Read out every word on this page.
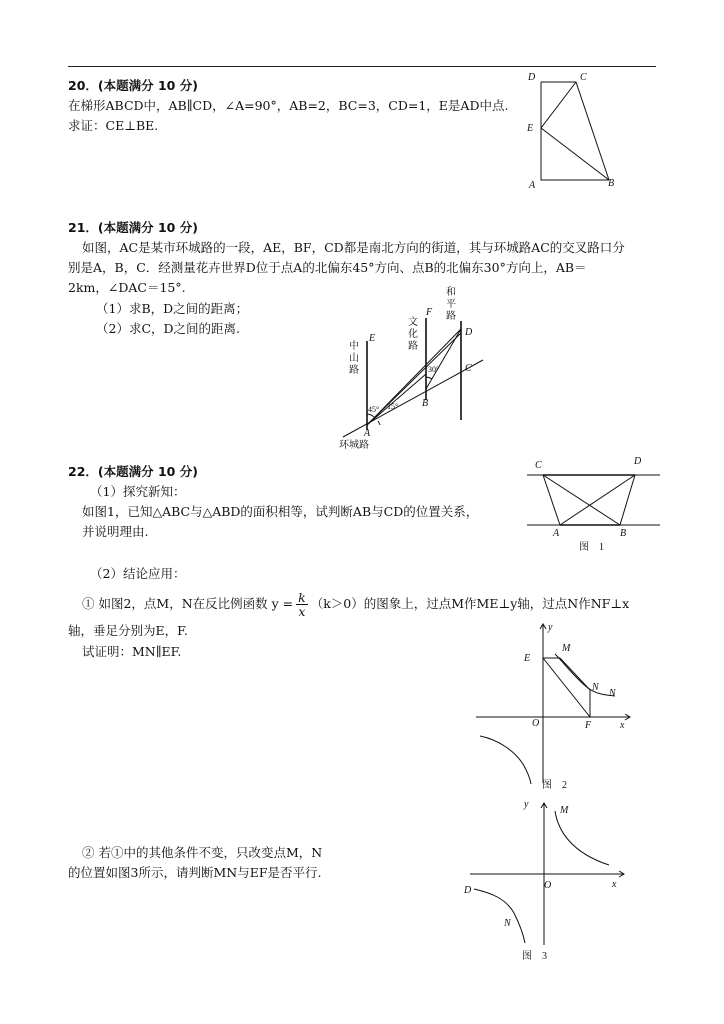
20．(本题满分 10 分)
在梯形ABCD中，AB∥CD，∠A=90°，AB=2，BC=3，CD=1，E是AD中点.
求证：CE⊥BE.
D	C
E
A	B
21．(本题满分 10 分)
如图，AC是某市环城路的一段，AE，BF，CD都是南北方向的街道，其与环城路AC的交叉路口分
别是A，B，C．经测量花卉世界D位于点A的北偏东45°方向、点B的北偏东30°方向上，AB＝
2km，∠DAC＝15°.
（1）求B，D之间的距离；
（2）求C，D之间的距离.
和
平
路
文
化
路
中
山
路
环城路
E
F
D
C
B
A
45° 15°
30°
22．(本题满分 10 分)
（1）探究新知：
如图1，已知△ABC与△ABD的面积相等，试判断AB与CD的位置关系，
并说明理由.
（2）结论应用：
① 如图2，点M，N在反比例函数 $y = \frac{k}{x} (k>0)$的图象上，过点M作ME⊥y轴，过点N作NF⊥x
轴，垂足分别为E，F.
试证明：MN∥EF.
② 若①中的其他条件不变，只改变点M，N
的位置如图3所示，请判断MN与EF是否平行.
C	D
A	B
图　1
y
x
E
M
N
N
O	F
图　2
y
x
M
O
D
N
图　3
